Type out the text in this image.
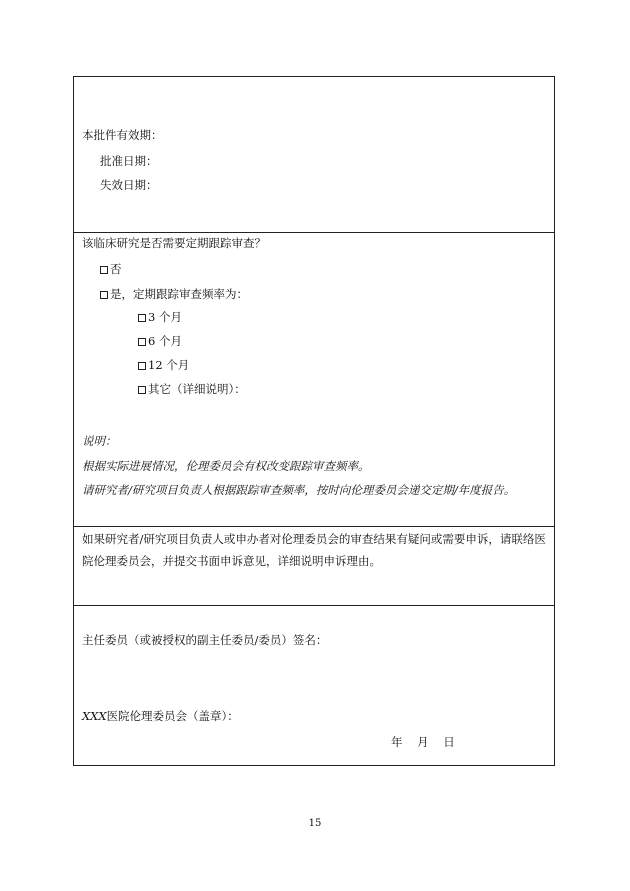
本批件有效期：
批准日期：
失效日期：
该临床研究是否需要定期跟踪审查？
否
是，定期跟踪审查频率为：
3 个月
6 个月
12 个月
其它（详细说明）：
说明：
根据实际进展情况，伦理委员会有权改变跟踪审查频率。
请研究者/研究项目负责人根据跟踪审查频率，按时向伦理委员会递交定期/年度报告。
如果研究者/研究项目负责人或申办者对伦理委员会的审查结果有疑问或需要申诉，请联络医院伦理委员会，并提交书面申诉意见，详细说明申诉理由。
主任委员（或被授权的副主任委员/委员）签名：
XXX医院伦理委员会（盖章）：
年    月    日
15
